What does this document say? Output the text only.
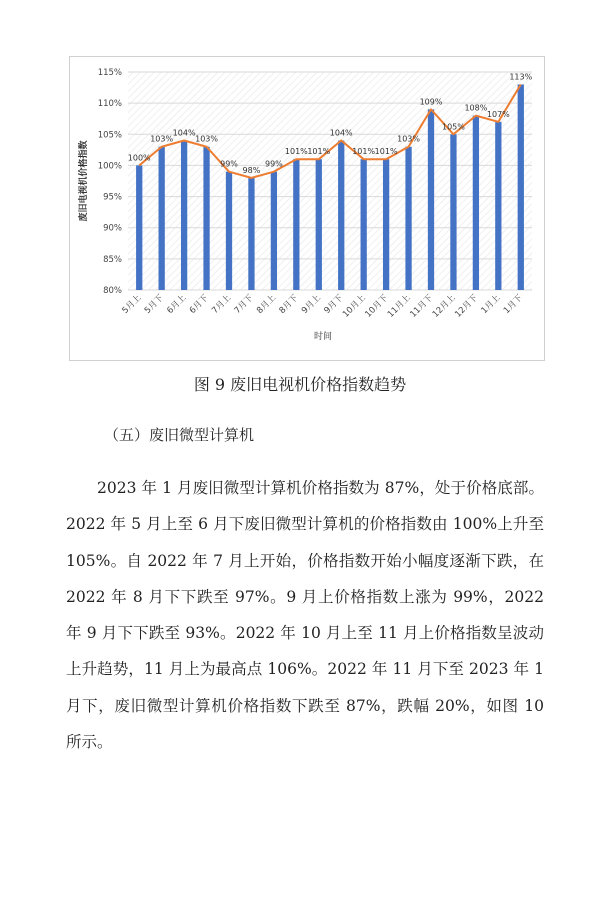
100%
103%
104%
103%
99%
98%
99%
101% 101%
104%
101% 101%
103%
109%
105%
108%
107%
113%
80%
85%
90%
95%
100%
105%
110%
115%
5月上 5月下 6月上 6月下 7月上 7月下 8月上 8月下 9月上 9月下
10月上
10月下
11月上
11月下
12月上
12月下 1月上 1月下
时间
废旧电视机价格指数
图 9 废旧电视机价格指数趋势
（五）废旧微型计算机

2023 年 1 月废旧微型计算机价格指数为 87%，处于价格底部。2022 年 5 月上至 6 月下废旧微型计算机的价格指数由 100%上升至 105%。自 2022 年 7 月上开始，价格指数开始小幅度逐渐下跌，在 2022 年 8 月下下跌至 97%。9 月上价格指数上涨为 99%，2022 年 9 月下下跌至 93%。2022 年 10 月上至 11 月上价格指数呈波动上升趋势，11 月上为最高点 106%。2022 年 11 月下至 2023 年 1 月下，废旧微型计算机价格指数下跌至 87%，跌幅 20%，如图 10 所示。
